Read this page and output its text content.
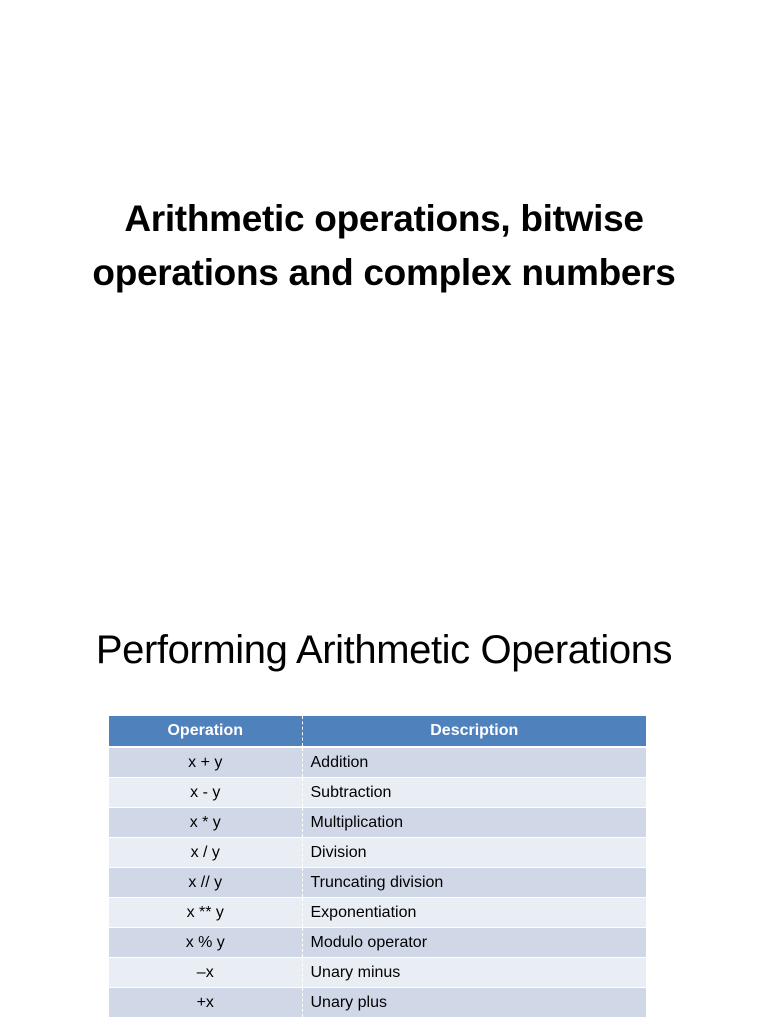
Arithmetic operations, bitwise
operations and complex numbers
Performing Arithmetic Operations
Operation	Description
x + y	Addition
x - y	Subtraction
x * y	Multiplication
x / y	Division
x // y	Truncating division
x ** y	Exponentiation
x % y	Modulo operator
–x	Unary minus
+x	Unary plus
